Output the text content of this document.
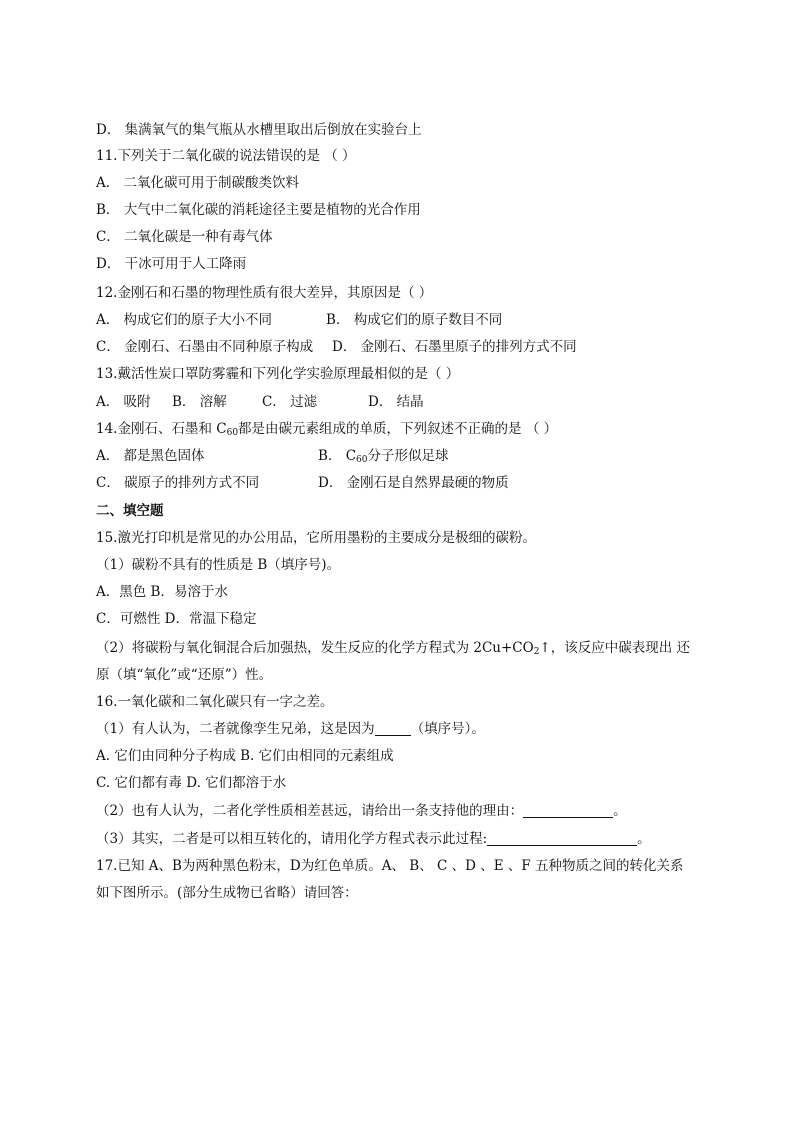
D． 集满氧气的集气瓶从水槽里取出后倒放在实验台上
11.下列关于二氧化碳的说法错误的是 （ ）
A． 二氧化碳可用于制碳酸类饮料
B． 大气中二氧化碳的消耗途径主要是植物的光合作用
C． 二氧化碳是一种有毒气体
D． 干冰可用于人工降雨
12.金刚石和石墨的物理性质有很大差异，其原因是（ ）
A． 构成它们的原子大小不同	B． 构成它们的原子数目不同
C． 金刚石、石墨由不同种原子构成 D． 金刚石、石墨里原子的排列方式不同
13.戴活性炭口罩防雾霾和下列化学实验原理最相似的是（ ）
A． 吸附 B． 溶解	C． 过滤	D． 结晶
14.金刚石、石墨和 $C_{60}$都是由碳元素组成的单质，下列叙述不正确的是 （ ）
A． 都是黑色固体	B． $C_{60}$分子形似足球
C． 碳原子的排列方式不同	D． 金刚石是自然界最硬的物质
二、填空题
15.激光打印机是常见的办公用品，它所用墨粉的主要成分是极细的碳粉。
（1）碳粉不具有的性质是 B（填序号)。
A．黑色 B．易溶于水
C．可燃性 D．常温下稳定
（2）将碳粉与氧化铜混合后加强热，发生反应的化学方程式为 $2Cu+CO_2↑$，该反应中碳表现出 还
原（填“氧化”或“还原”）性。
16.一氧化碳和二氧化碳只有一字之差。
（1）有人认为，二者就像孪生兄弟，这是因为	（填序号）。
A. 它们由同种分子构成 B. 它们由相同的元素组成
C. 它们都有毒 D. 它们都溶于水
（2）也有人认为，二者化学性质相差甚远，请给出一条支持他的理由：	。
（3）其实，二者是可以相互转化的，请用化学方程式表示此过程:	。
17.已知 A、B为两种黑色粉末，D为红色单质。A、 B、 C 、D 、E 、F 五种物质之间的转化关系
如下图所示。(部分生成物已省略）请回答：
